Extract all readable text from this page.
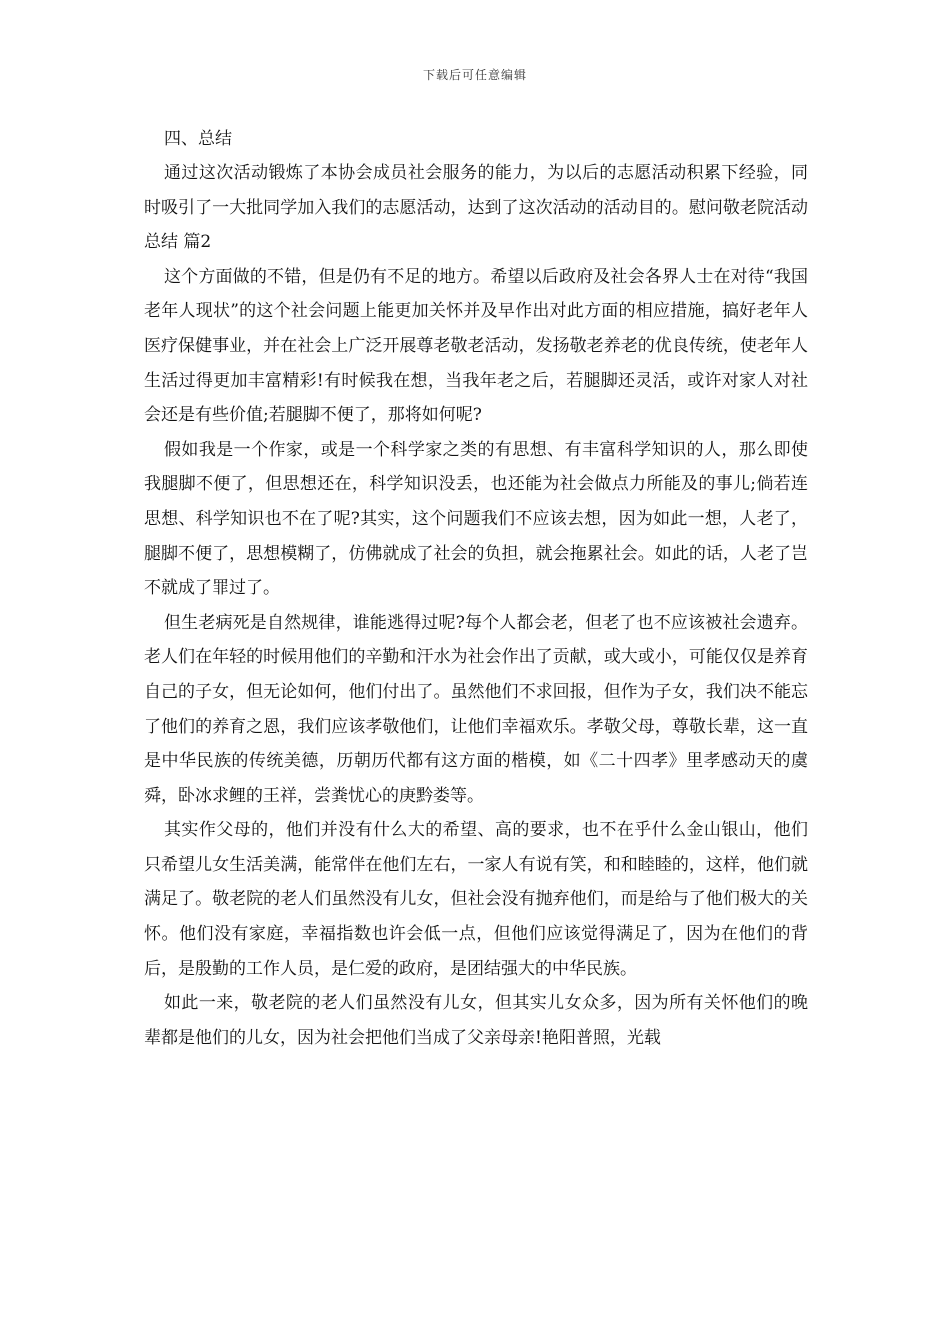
下载后可任意编辑
四、总结

通过这次活动锻炼了本协会成员社会服务的能力，为以后的志愿活动积累下经验，同时吸引了一大批同学加入我们的志愿活动，达到了这次活动的活动目的。慰问敬老院活动总结 篇2

这个方面做的不错，但是仍有不足的地方。希望以后政府及社会各界人士在对待“我国老年人现状”的这个社会问题上能更加关怀并及早作出对此方面的相应措施，搞好老年人医疗保健事业，并在社会上广泛开展尊老敬老活动，发扬敬老养老的优良传统，使老年人生活过得更加丰富精彩!有时候我在想，当我年老之后，若腿脚还灵活，或许对家人对社会还是有些价值;若腿脚不便了，那将如何呢?

假如我是一个作家，或是一个科学家之类的有思想、有丰富科学知识的人，那么即使我腿脚不便了，但思想还在，科学知识没丢，也还能为社会做点力所能及的事儿;倘若连思想、科学知识也不在了呢?其实，这个问题我们不应该去想，因为如此一想，人老了，腿脚不便了，思想模糊了，仿佛就成了社会的负担，就会拖累社会。如此的话，人老了岂不就成了罪过了。

但生老病死是自然规律，谁能逃得过呢?每个人都会老，但老了也不应该被社会遗弃。老人们在年轻的时候用他们的辛勤和汗水为社会作出了贡献，或大或小，可能仅仅是养育自己的子女，但无论如何，他们付出了。虽然他们不求回报，但作为子女，我们决不能忘了他们的养育之恩，我们应该孝敬他们，让他们幸福欢乐。孝敬父母，尊敬长辈，这一直是中华民族的传统美德，历朝历代都有这方面的楷模，如《二十四孝》里孝感动天的虞舜，卧冰求鲤的王祥，尝粪忧心的庚黔娄等。

其实作父母的，他们并没有什么大的希望、高的要求，也不在乎什么金山银山，他们只希望儿女生活美满，能常伴在他们左右，一家人有说有笑，和和睦睦的，这样，他们就满足了。敬老院的老人们虽然没有儿女，但社会没有抛弃他们，而是给与了他们极大的关怀。他们没有家庭，幸福指数也许会低一点，但他们应该觉得满足了，因为在他们的背后，是殷勤的工作人员，是仁爱的政府，是团结强大的中华民族。

如此一来，敬老院的老人们虽然没有儿女，但其实儿女众多，因为所有关怀他们的晚辈都是他们的儿女，因为社会把他们当成了父亲母亲!艳阳普照，光载
